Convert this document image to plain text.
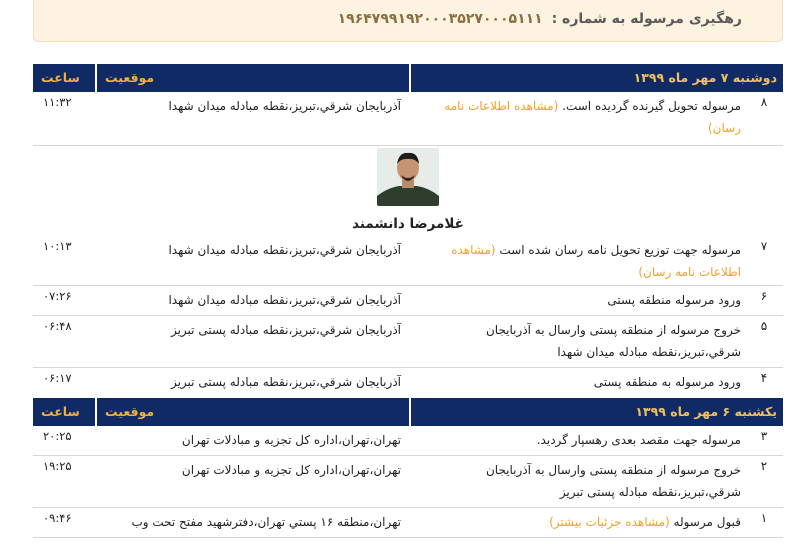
رهگیری مرسوله به شماره : ۱۹۶۴۷۹۹۱۹۲۰۰۰۳۵۲۷۰۰۰۵۱۱۱
دوشنبه ۷ مهر ماه ۱۳۹۹
موقعیت
ساعت
۸
مرسوله تحویل گیرنده گردیده است. (مشاهده اطلاعات نامه رسان)
آذربايجان شرقي،تبريز،نقطه مبادله ميدان شهدا
۱۱:۳۲
غلامرضا دانشمند
۷
مرسوله جهت توزیع تحویل نامه رسان شده است (مشاهده اطلاعات نامه رسان)
آذربايجان شرقي،تبريز،نقطه مبادله ميدان شهدا
۱۰:۱۳
۶
ورود مرسوله منطقه پستی
آذربايجان شرقي،تبريز،نقطه مبادله ميدان شهدا
۰۷:۲۶
۵
خروج مرسوله از منطقه پستی وارسال به آذربایجان شرقي،تبريز،نقطه مبادله ميدان شهدا
آذربايجان شرقي،تبريز،نقطه مبادله پستی تبريز
۰۶:۴۸
۴
ورود مرسوله به منطقه پستی
آذربايجان شرقي،تبريز،نقطه مبادله پستی تبريز
۰۶:۱۷
یکشنبه ۶ مهر ماه ۱۳۹۹
موقعیت
ساعت
۳
مرسوله جهت مقصد بعدی رهسپار گردید.
تهران،تهران،اداره کل تجزيه و مبادلات تهران
۲۰:۲۵
۲
خروج مرسوله از منطقه پستی وارسال به آذربایجان شرقي،تبريز،نقطه مبادله پستی تبريز
تهران،تهران،اداره کل تجزيه و مبادلات تهران
۱۹:۲۵
۱
قبول مرسوله (مشاهده جزئیات بیشتر)
تهران،منطقه ۱۶ پستي تهران،دفترشهيد مفتح تحت وب
۰۹:۴۶
